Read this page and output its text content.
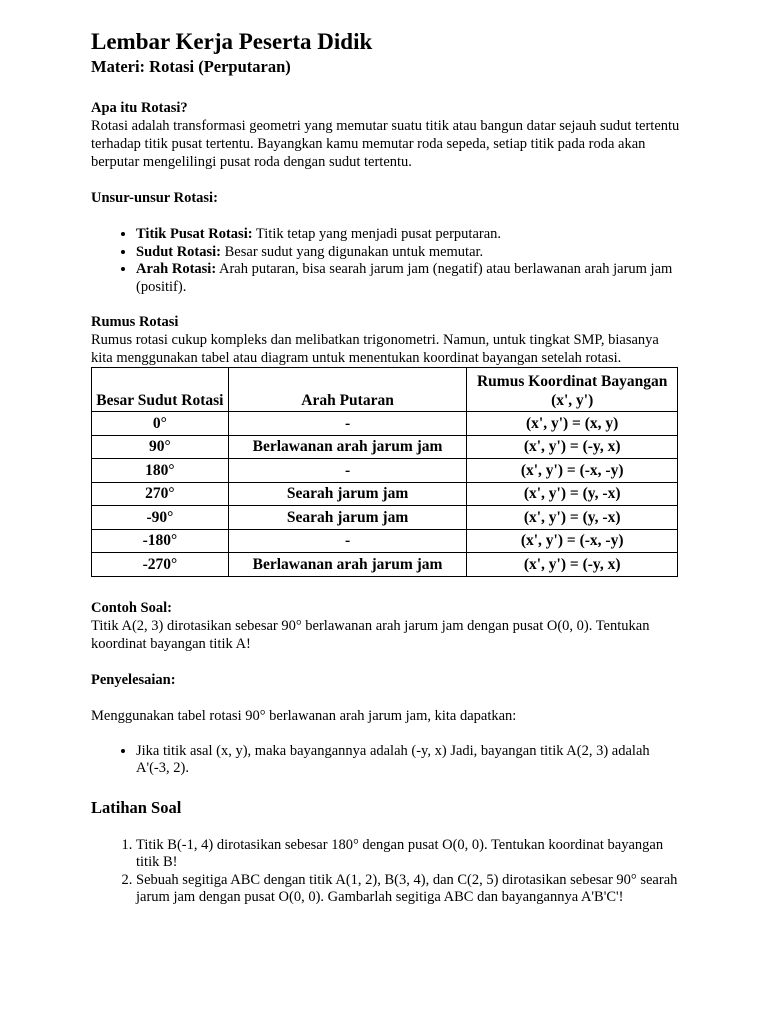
Lembar Kerja Peserta Didik

Materi: Rotasi (Perputaran)

Apa itu Rotasi?

Rotasi adalah transformasi geometri yang memutar suatu titik atau bangun datar sejauh sudut tertentu terhadap titik pusat tertentu. Bayangkan kamu memutar roda sepeda, setiap titik pada roda akan berputar mengelilingi pusat roda dengan sudut tertentu.

Unsur-unsur Rotasi:

• Titik Pusat Rotasi: Titik tetap yang menjadi pusat perputaran.
• Sudut Rotasi: Besar sudut yang digunakan untuk memutar.
• Arah Rotasi: Arah putaran, bisa searah jarum jam (negatif) atau berlawanan arah jarum jam (positif).

Rumus Rotasi

Rumus rotasi cukup kompleks dan melibatkan trigonometri. Namun, untuk tingkat SMP, biasanya kita menggunakan tabel atau diagram untuk menentukan koordinat bayangan setelah rotasi.

Besar Sudut Rotasi	Arah Putaran	Rumus Koordinat Bayangan (x', y')
0°	-	(x', y') = (x, y)
90°	Berlawanan arah jarum jam	(x', y') = (-y, x)
180°	-	(x', y') = (-x, -y)
270°	Searah jarum jam	(x', y') = (y, -x)
-90°	Searah jarum jam	(x', y') = (y, -x)
-180°	-	(x', y') = (-x, -y)
-270°	Berlawanan arah jarum jam	(x', y') = (-y, x)

Contoh Soal:

Titik A(2, 3) dirotasikan sebesar 90° berlawanan arah jarum jam dengan pusat O(0, 0). Tentukan koordinat bayangan titik A!

Penyelesaian:

Menggunakan tabel rotasi 90° berlawanan arah jarum jam, kita dapatkan:

• Jika titik asal (x, y), maka bayangannya adalah (-y, x) Jadi, bayangan titik A(2, 3) adalah A'(-3, 2).
Latihan Soal
1. Titik B(-1, 4) dirotasikan sebesar 180° dengan pusat O(0, 0). Tentukan koordinat bayangan titik B!
2. Sebuah segitiga ABC dengan titik A(1, 2), B(3, 4), dan C(2, 5) dirotasikan sebesar 90° searah jarum jam dengan pusat O(0, 0). Gambarlah segitiga ABC dan bayangannya A'B'C'!
